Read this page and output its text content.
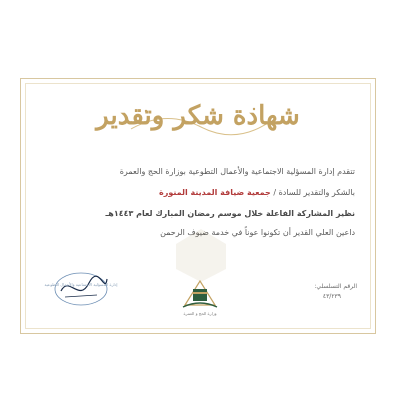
شهادة شكر وتقدير
تتقدم إدارة المسؤلية الاجتماعية والأعمال التطوعية بوزارة الحج والعمرة
بالشكر والتقدير للسادة / جمعية ضيافة المدينة المنورة
نظير المشاركة الفاعلة خلال موسم رمضان المبارك لعام ١٤٤٣هـ
داعين العلي القدير أن تكونوا عوناً في خدمة ضيوف الرحمن
إدارة المسؤلية الاجتماعية والأعمال التطوعية
وزارة الحج و العمرة
الرقم التسلسلي:
٤٣/٢٣٩
